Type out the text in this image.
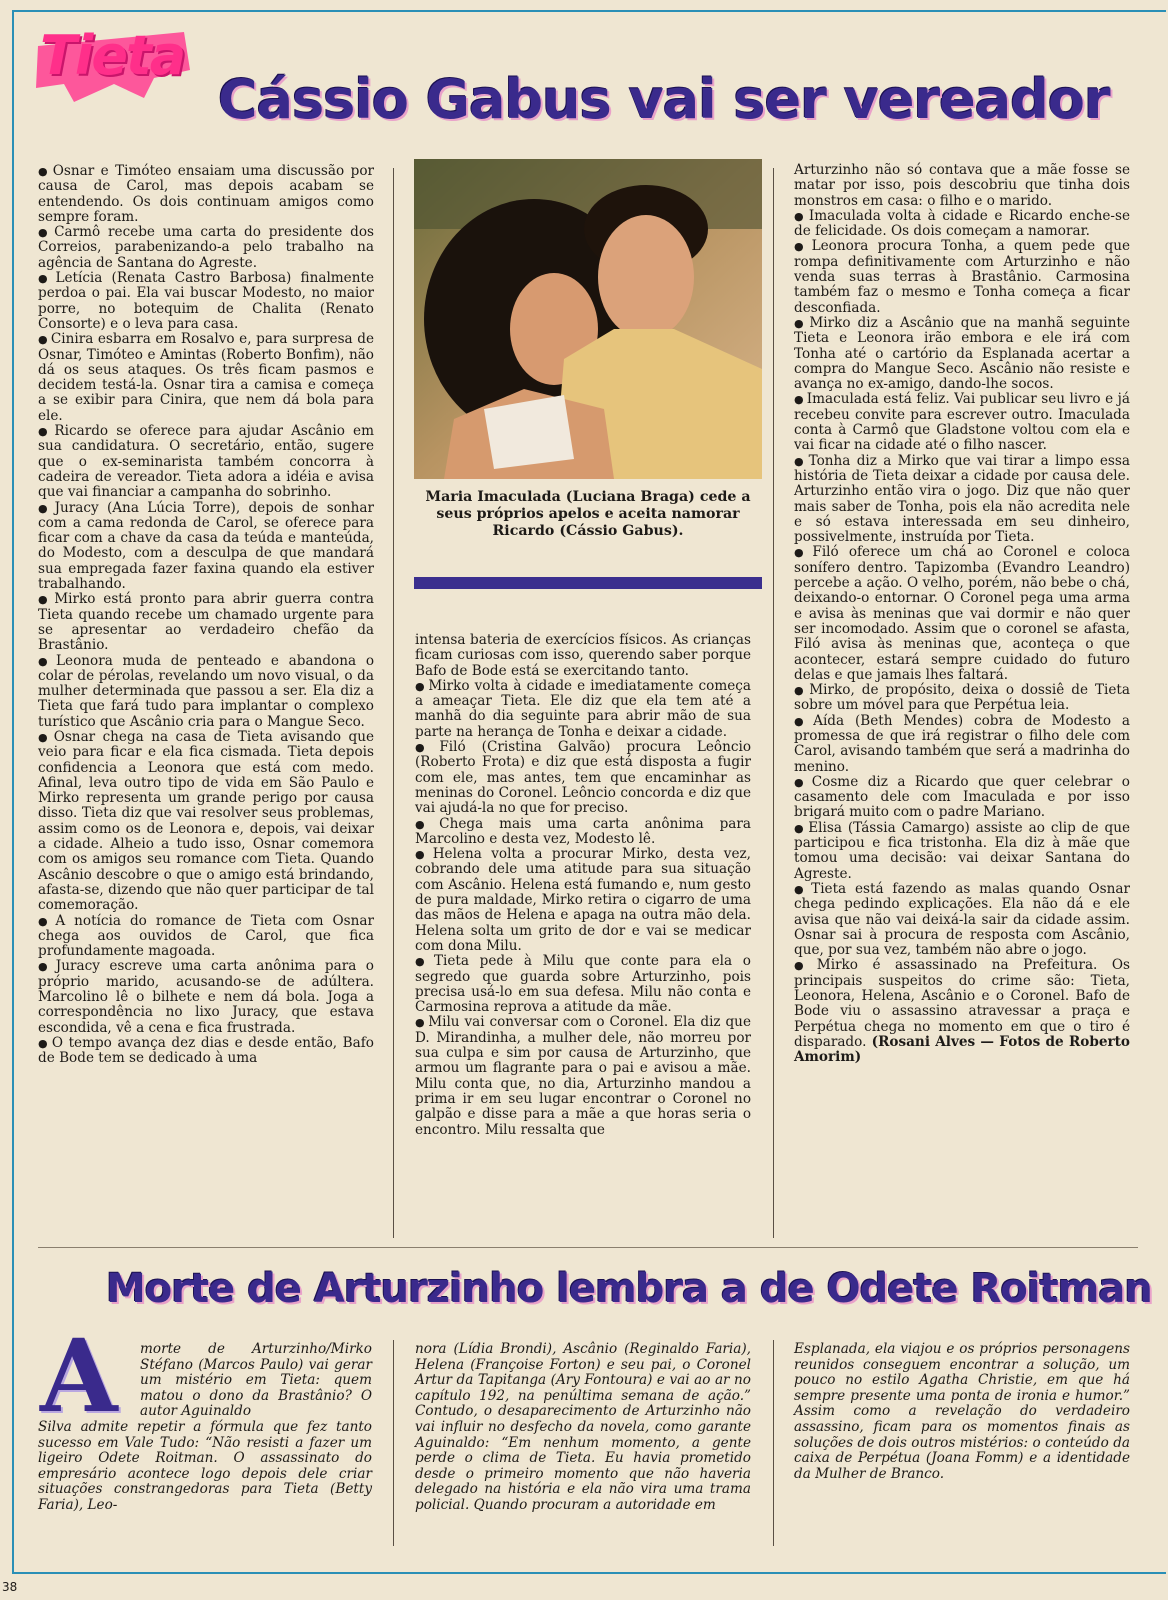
Tieta
Cássio Gabus vai ser vereador

● Osnar e Timóteo ensaiam uma discussão por causa de Carol, mas depois acabam se entendendo. Os dois continuam amigos como sempre foram.

● Carmô recebe uma carta do presidente dos Correios, parabenizando-a pelo trabalho na agência de Santana do Agreste.

● Letícia (Renata Castro Barbosa) finalmente perdoa o pai. Ela vai buscar Modesto, no maior porre, no botequim de Chalita (Renato Consorte) e o leva para casa.

● Cinira esbarra em Rosalvo e, para surpresa de Osnar, Timóteo e Amintas (Roberto Bonfim), não dá os seus ataques. Os três ficam pasmos e decidem testá-la. Osnar tira a camisa e começa a se exibir para Cinira, que nem dá bola para ele.

● Ricardo se oferece para ajudar Ascânio em sua candidatura. O secretário, então, sugere que o ex-seminarista também concorra à cadeira de vereador. Tieta adora a idéia e avisa que vai financiar a campanha do sobrinho.

● Juracy (Ana Lúcia Torre), depois de sonhar com a cama redonda de Carol, se oferece para ficar com a chave da casa da teúda e manteúda, do Modesto, com a desculpa de que mandará sua empregada fazer faxina quando ela estiver trabalhando.

● Mirko está pronto para abrir guerra contra Tieta quando recebe um chamado urgente para se apresentar ao verdadeiro chefão da Brastânio.

● Leonora muda de penteado e abandona o colar de pérolas, revelando um novo visual, o da mulher determinada que passou a ser. Ela diz a Tieta que fará tudo para implantar o complexo turístico que Ascânio cria para o Mangue Seco.

● Osnar chega na casa de Tieta avisando que veio para ficar e ela fica cismada. Tieta depois confidencia a Leonora que está com medo. Afinal, leva outro tipo de vida em São Paulo e Mirko representa um grande perigo por causa disso. Tieta diz que vai resolver seus problemas, assim como os de Leonora e, depois, vai deixar a cidade. Alheio a tudo isso, Osnar comemora com os amigos seu romance com Tieta. Quando Ascânio descobre o que o amigo está brindando, afasta-se, dizendo que não quer participar de tal comemoração.

● A notícia do romance de Tieta com Osnar chega aos ouvidos de Carol, que fica profundamente magoada.

● Juracy escreve uma carta anônima para o próprio marido, acusando-se de adúltera. Marcolino lê o bilhete e nem dá bola. Joga a correspondência no lixo Juracy, que estava escondida, vê a cena e fica frustrada.

● O tempo avança dez dias e desde então, Bafo de Bode tem se dedicado à uma

Maria Imaculada (Luciana Braga) cede a seus próprios apelos e aceita namorar Ricardo (Cássio Gabus).

intensa bateria de exercícios físicos. As crianças ficam curiosas com isso, querendo saber porque Bafo de Bode está se exercitando tanto.

● Mirko volta à cidade e imediatamente começa a ameaçar Tieta. Ele diz que ela tem até a manhã do dia seguinte para abrir mão de sua parte na herança de Tonha e deixar a cidade.

● Filó (Cristina Galvão) procura Leôncio (Roberto Frota) e diz que está disposta a fugir com ele, mas antes, tem que encaminhar as meninas do Coronel. Leôncio concorda e diz que vai ajudá-la no que for preciso.

● Chega mais uma carta anônima para Marcolino e desta vez, Modesto lê.

● Helena volta a procurar Mirko, desta vez, cobrando dele uma atitude para sua situação com Ascânio. Helena está fumando e, num gesto de pura maldade, Mirko retira o cigarro de uma das mãos de Helena e apaga na outra mão dela. Helena solta um grito de dor e vai se medicar com dona Milu.

● Tieta pede à Milu que conte para ela o segredo que guarda sobre Arturzinho, pois precisa usá-lo em sua defesa. Milu não conta e Carmosina reprova a atitude da mãe.

● Milu vai conversar com o Coronel. Ela diz que D. Mirandinha, a mulher dele, não morreu por sua culpa e sim por causa de Arturzinho, que armou um flagrante para o pai e avisou a mãe. Milu conta que, no dia, Arturzinho mandou a prima ir em seu lugar encontrar o Coronel no galpão e disse para a mãe a que horas seria o encontro. Milu ressalta que

Arturzinho não só contava que a mãe fosse se matar por isso, pois descobriu que tinha dois monstros em casa: o filho e o marido.

● Imaculada volta à cidade e Ricardo enche-se de felicidade. Os dois começam a namorar.

● Leonora procura Tonha, a quem pede que rompa definitivamente com Arturzinho e não venda suas terras à Brastânio. Carmosina também faz o mesmo e Tonha começa a ficar desconfiada.

● Mirko diz a Ascânio que na manhã seguinte Tieta e Leonora irão embora e ele irá com Tonha até o cartório da Esplanada acertar a compra do Mangue Seco. Ascânio não resiste e avança no ex-amigo, dando-lhe socos.

● Imaculada está feliz. Vai publicar seu livro e já recebeu convite para escrever outro. Imaculada conta à Carmô que Gladstone voltou com ela e vai ficar na cidade até o filho nascer.

● Tonha diz a Mirko que vai tirar a limpo essa história de Tieta deixar a cidade por causa dele. Arturzinho então vira o jogo. Diz que não quer mais saber de Tonha, pois ela não acredita nele e só estava interessada em seu dinheiro, possivelmente, instruída por Tieta.

● Filó oferece um chá ao Coronel e coloca sonífero dentro. Tapizomba (Evandro Leandro) percebe a ação. O velho, porém, não bebe o chá, deixando-o entornar. O Coronel pega uma arma e avisa às meninas que vai dormir e não quer ser incomodado. Assim que o coronel se afasta, Filó avisa às meninas que, aconteça o que acontecer, estará sempre cuidado do futuro delas e que jamais lhes faltará.

● Mirko, de propósito, deixa o dossiê de Tieta sobre um móvel para que Perpétua leia.

● Aída (Beth Mendes) cobra de Modesto a promessa de que irá registrar o filho dele com Carol, avisando também que será a madrinha do menino.

● Cosme diz a Ricardo que quer celebrar o casamento dele com Imaculada e por isso brigará muito com o padre Mariano.

● Elisa (Tássia Camargo) assiste ao clip de que participou e fica tristonha. Ela diz à mãe que tomou uma decisão: vai deixar Santana do Agreste.

● Tieta está fazendo as malas quando Osnar chega pedindo explicações. Ela não dá e ele avisa que não vai deixá-la sair da cidade assim. Osnar sai à procura de resposta com Ascânio, que, por sua vez, também não abre o jogo.

● Mirko é assassinado na Prefeitura. Os principais suspeitos do crime são: Tieta, Leonora, Helena, Ascânio e o Coronel. Bafo de Bode viu o assassino atravessar a praça e Perpétua chega no momento em que o tiro é disparado. (Rosani Alves — Fotos de Roberto Amorim)

Morte de Arturzinho lembra a de Odete Roitman
A	morte de Arturzinho/Mirko Stéfano (Marcos Paulo) vai gerar um mistério em Tieta: quem matou o dono da Brastânio? O autor Aguinaldo

Silva admite repetir a fórmula que fez tanto sucesso em Vale Tudo: “Não resisti a fazer um ligeiro Odete Roitman. O assassinato do empresário acontece logo depois dele criar situações constrangedoras para Tieta (Betty Faria), Leo-

nora (Lídia Brondi), Ascânio (Reginaldo Faria), Helena (Françoise Forton) e seu pai, o Coronel Artur da Tapitanga (Ary Fontoura) e vai ao ar no capítulo 192, na penúltima semana de ação.” Contudo, o desaparecimento de Arturzinho não vai influir no desfecho da novela, como garante Aguinaldo: “Em nenhum momento, a gente perde o clima de Tieta. Eu havia prometido desde o primeiro momento que não haveria delegado na história e ela não vira uma trama policial. Quando procuram a autoridade em

Esplanada, ela viajou e os próprios personagens reunidos conseguem encontrar a solução, um pouco no estilo Agatha Christie, em que há sempre presente uma ponta de ironia e humor.” Assim como a revelação do verdadeiro assassino, ficam para os momentos finais as soluções de dois outros mistérios: o conteúdo da caixa de Perpétua (Joana Fomm) e a identidade da Mulher de Branco.

38
